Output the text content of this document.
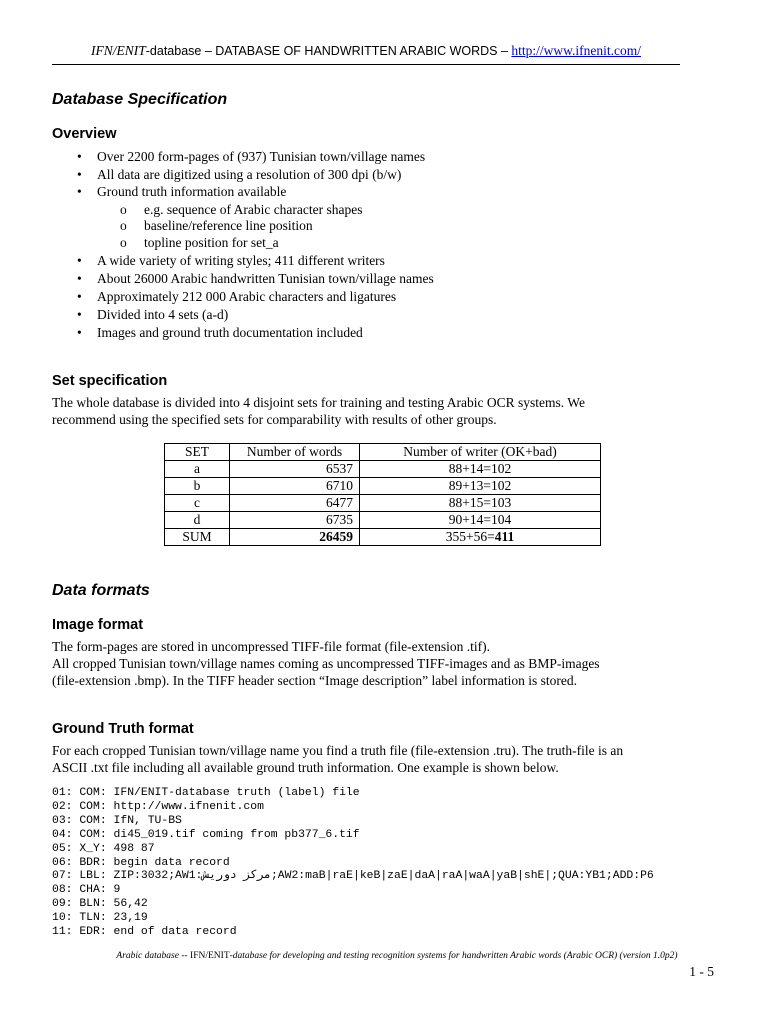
IFN/ENIT-database – DATABASE OF HANDWRITTEN ARABIC WORDS – http://www.ifnenit.com/
Database Specification
Overview
• Over 2200 form-pages of (937) Tunisian town/village names
• All data are digitized using a resolution of 300 dpi (b/w)
• Ground truth information available
o e.g. sequence of Arabic character shapes
o baseline/reference line position
o topline position for set_a
• A wide variety of writing styles; 411 different writers
• About 26000 Arabic handwritten Tunisian town/village names
• Approximately 212 000 Arabic characters and ligatures
• Divided into 4 sets (a-d)
• Images and ground truth documentation included
Set specification
The whole database is divided into 4 disjoint sets for training and testing Arabic OCR systems. We
recommend using the specified sets for comparability with results of other groups.
SET	Number of words	Number of writer (OK+bad)
a	6537	88+14=102
b	6710	89+13=102
c	6477	88+15=103
d	6735	90+14=104
SUM	26459	355+56=411
Data formats
Image format
The form-pages are stored in uncompressed TIFF-file format (file-extension .tif).
All cropped Tunisian town/village names coming as uncompressed TIFF-images and as BMP-images
(file-extension .bmp). In the TIFF header section “Image description” label information is stored.
Ground Truth format
For each cropped Tunisian town/village name you find a truth file (file-extension .tru). The truth-file is an
ASCII .txt file including all available ground truth information. One example is shown below.
01: COM: IFN/ENIT-database truth (label) file
02: COM: http://www.ifnenit.com
03: COM: IfN, TU-BS
04: COM: di45_019.tif coming from pb377_6.tif
05: X_Y: 498 87
06: BDR: begin data record
07: LBL: ZIP:3032;AW1:مركز دوريش;AW2:maB|raE|keB|zaE|daA|raA|waA|yaB|shE|;QUA:YB1;ADD:P6
08: CHA: 9
09: BLN: 56,42
10: TLN: 23,19
11: EDR: end of data record
Arabic database -- IFN/ENIT-database for developing and testing recognition systems for handwritten Arabic words (Arabic OCR) (version 1.0p2)
1 - 5
